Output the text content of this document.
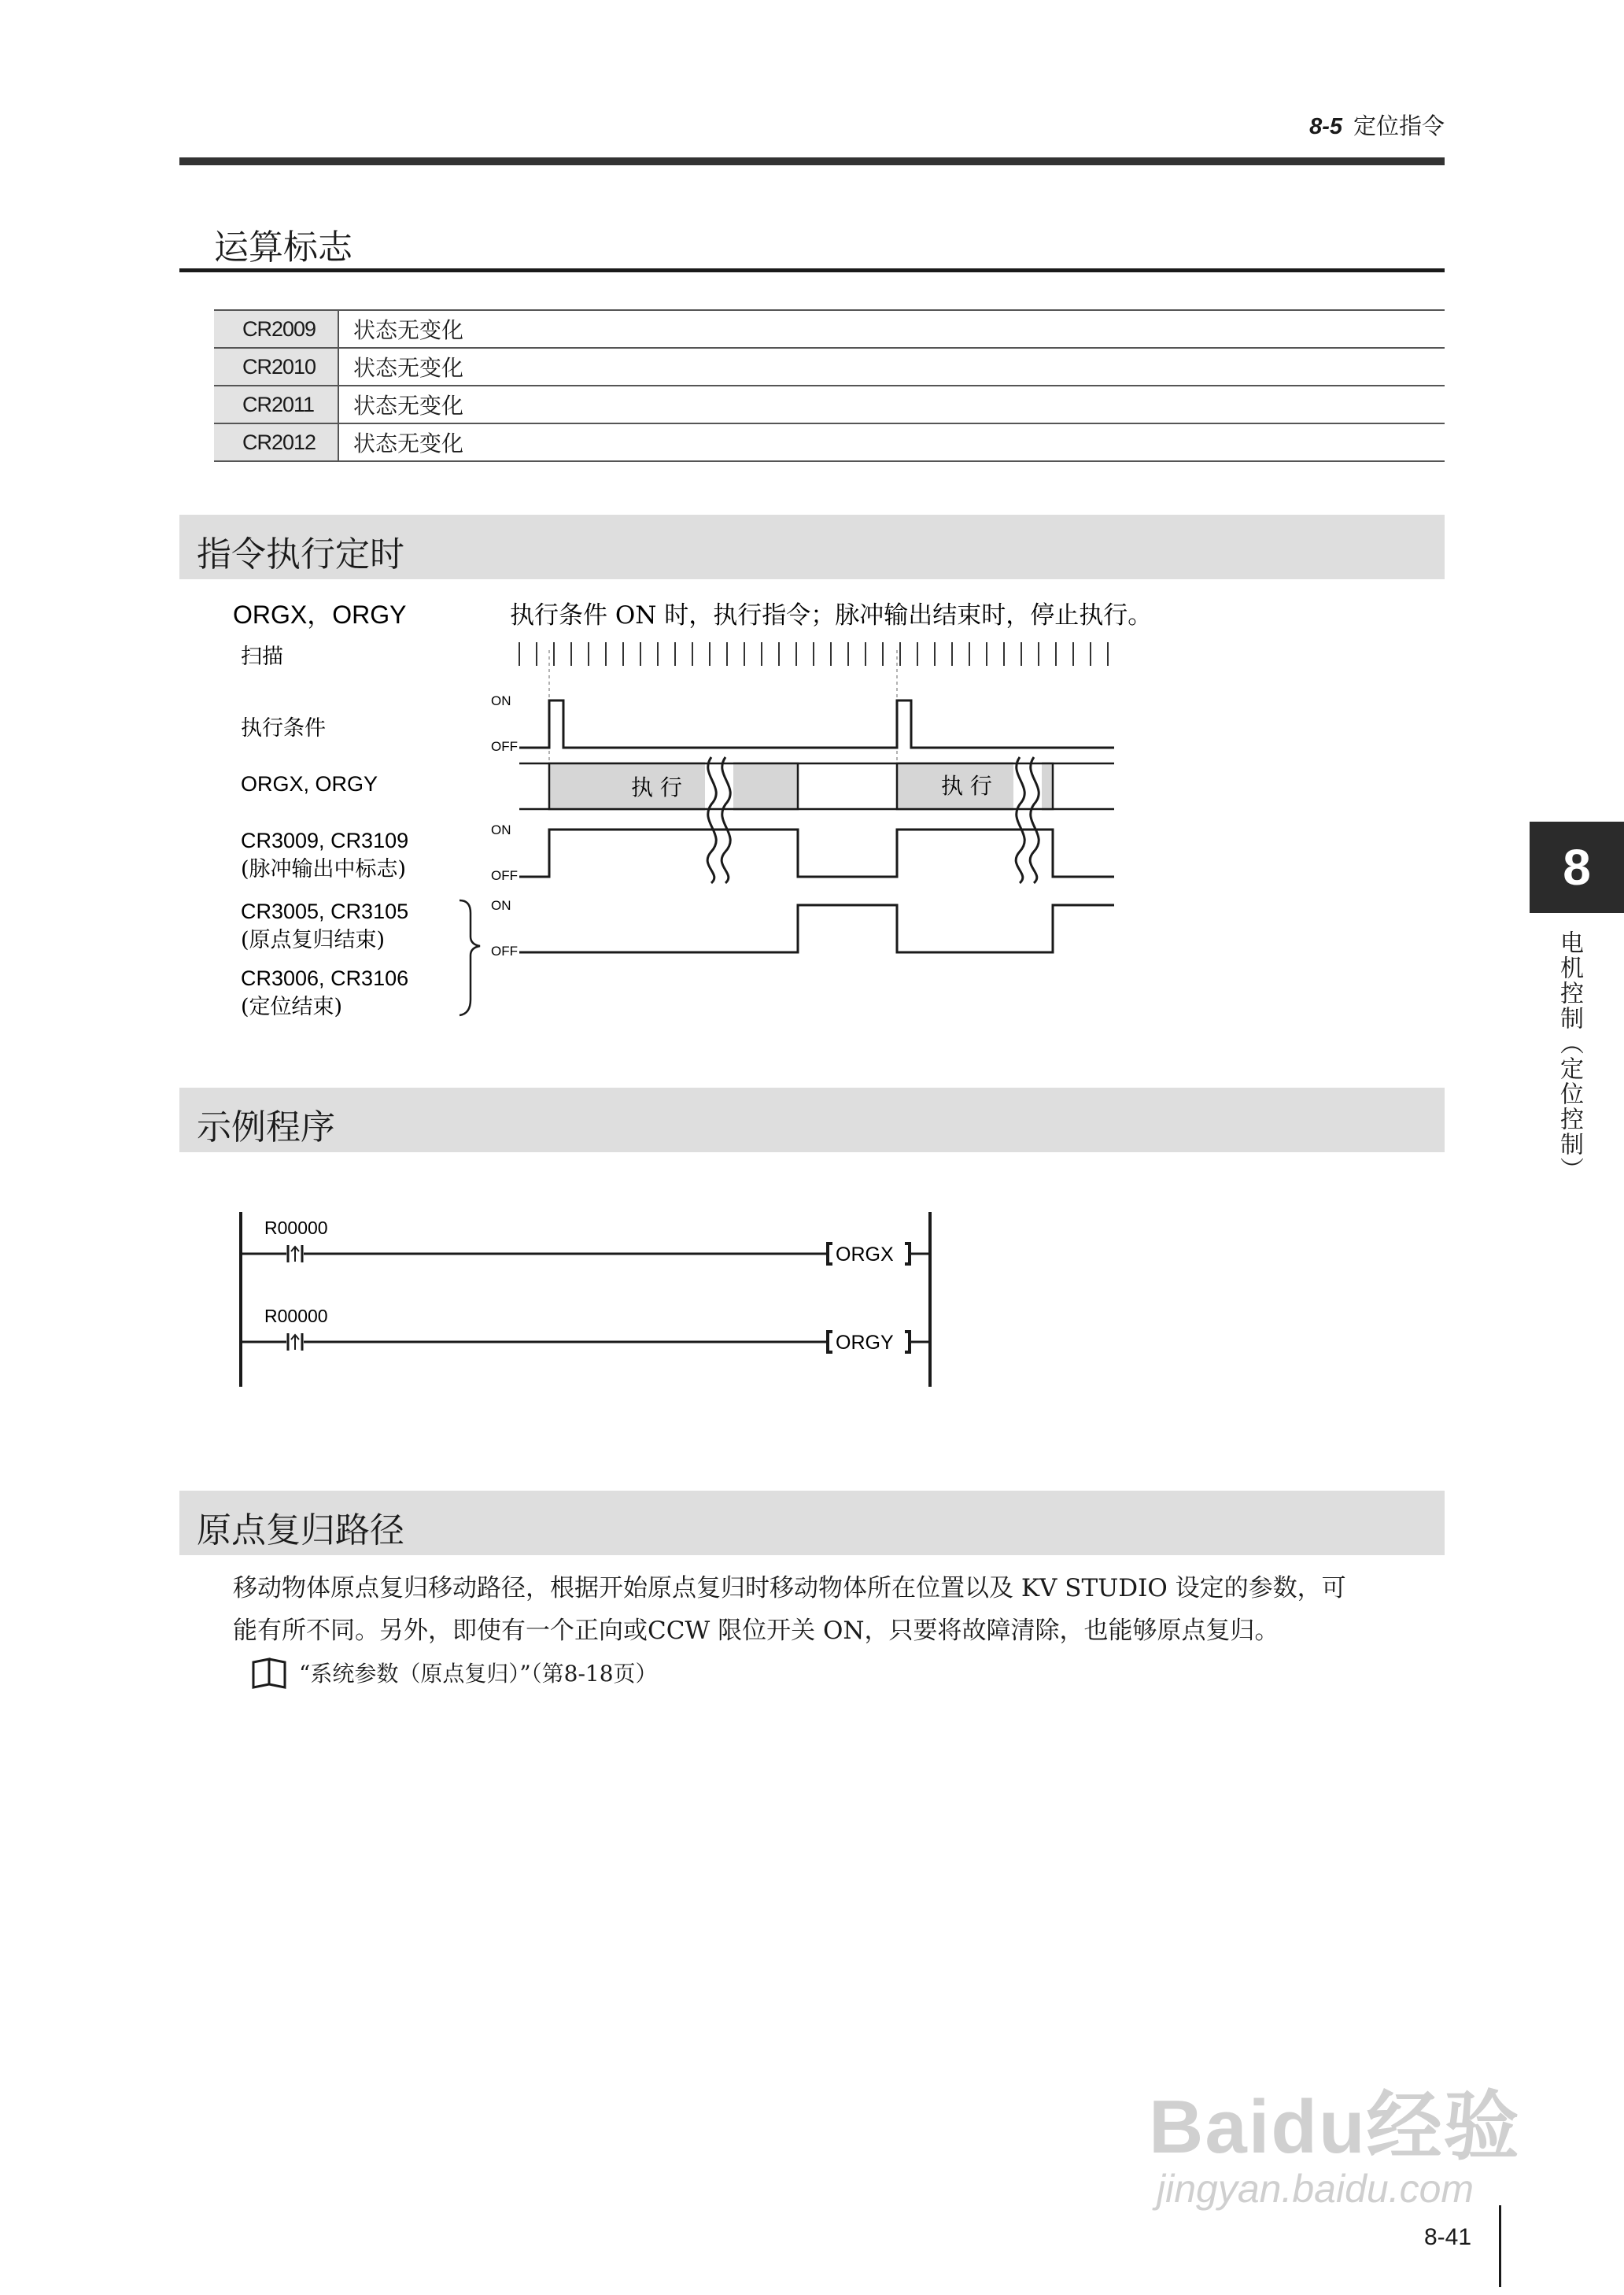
8-5 定位指令
运算标志
CR2009	状态无变化
CR2010	状态无变化
CR2011	状态无变化
CR2012	状态无变化
指令执行定时
ORGX，ORGY	执行条件 ON 时，执行指令；脉冲输出结束时，停止执行。
扫描
执行条件
ORGX, ORGY
CR3009, CR3109
(脉冲输出中标志)
CR3005, CR3105
(原点复归结束)
CR3006, CR3106
(定位结束)
ON
OFF
ON
OFF
ON
OFF
执 行	执 行
R00000
ORGX
R00000
ORGY
示例程序
原点复归路径
移动物体原点复归移动路径，根据开始原点复归时移动物体所在位置以及 KV STUDIO 设定的参数，可
能有所不同。另外，即使有一个正向或CCW 限位开关 ON，只要将故障清除，也能够原点复归。
“系统参数（原点复归）”（第8-18页）
8
电机控制（定位控制）
Baidu经验
jingyan.baidu.com
8-41
